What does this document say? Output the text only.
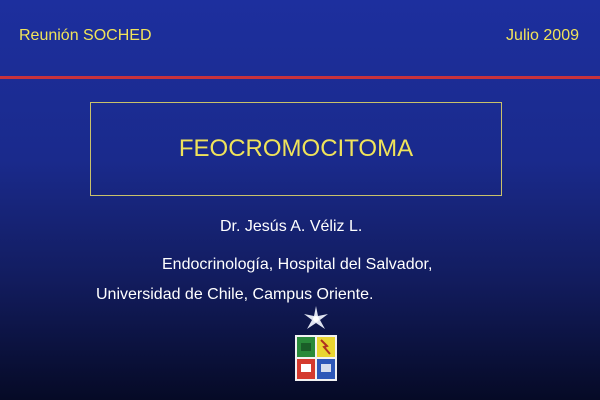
Reunión SOCHED	Julio 2009
FEOCROMOCITOMA
Dr. Jesús A. Véliz L.
Endocrinología, Hospital del Salvador,
Universidad de Chile, Campus Oriente.
